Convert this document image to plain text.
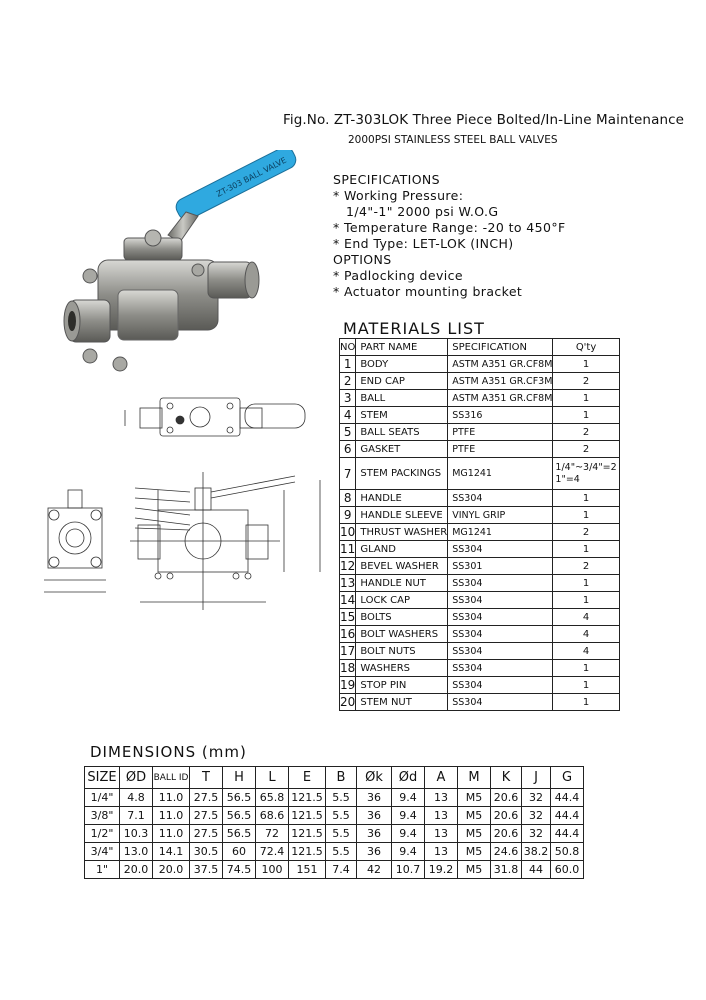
Fig.No. ZT-303LOK Three Piece Bolted/In-Line Maintenance
2000PSI STAINLESS STEEL BALL VALVES
SPECIFICATIONS
* Working Pressure:
1/4"-1" 2000 psi W.O.G
* Temperature Range: -20 to 450°F
* End Type: LET-LOK (INCH)
OPTIONS
* Padlocking device
* Actuator mounting bracket
ZT-303 BALL VALVE
MATERIALS LIST
NO	PART NAME	SPECIFICATION	Q'ty
1	BODY	ASTM A351 GR.CF8M	1
2	END CAP	ASTM A351 GR.CF3M	2
3	BALL	ASTM A351 GR.CF8M	1
4	STEM	SS316	1
5	BALL SEATS	PTFE	2
6	GASKET	PTFE	2
7	STEM PACKINGS	MG1241	1/4"~3/4"=2
1"=4

8	HANDLE	SS304	1
9	HANDLE SLEEVE	VINYL GRIP	1
10	THRUST WASHER	MG1241	2
11	GLAND	SS304	1
12	BEVEL WASHER	SS301	2
13	HANDLE NUT	SS304	1
14	LOCK CAP	SS304	1
15	BOLTS	SS304	4
16	BOLT WASHERS	SS304	4
17	BOLT NUTS	SS304	4
18	WASHERS	SS304	1
19	STOP PIN	SS304	1
20	STEM NUT	SS304	1
DIMENSIONS (mm)
SIZE	ØD	BALL ID	T	H	L	E	B	Øk	Ød	A	M	K	J	G
1/4"	4.8	11.0	27.5	56.5	65.8	121.5	5.5	36	9.4	13	M5	20.6	32	44.4
3/8"	7.1	11.0	27.5	56.5	68.6	121.5	5.5	36	9.4	13	M5	20.6	32	44.4
1/2"	10.3	11.0	27.5	56.5	72	121.5	5.5	36	9.4	13	M5	20.6	32	44.4
3/4"	13.0	14.1	30.5	60	72.4	121.5	5.5	36	9.4	13	M5	24.6	38.2	50.8
1"	20.0	20.0	37.5	74.5	100	151	7.4	42	10.7	19.2	M5	31.8	44	60.0
